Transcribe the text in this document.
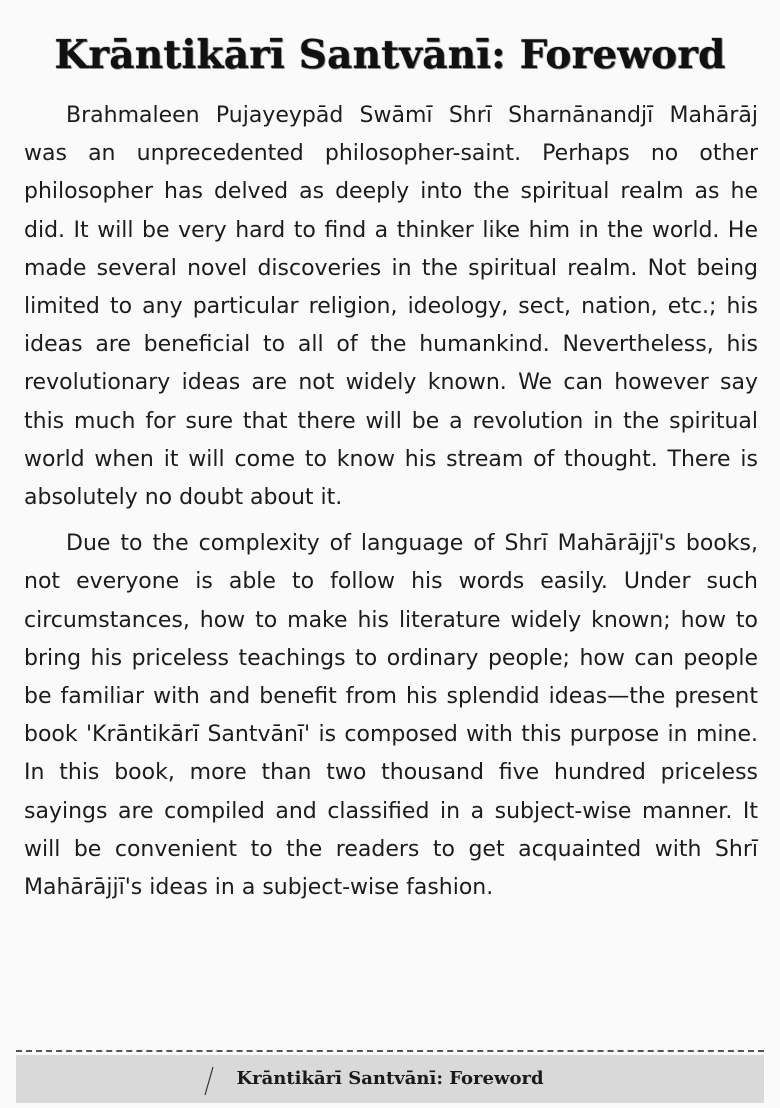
Krāntikārī Santvānī: Foreword

Brahmaleen Pujayeypād Swāmī Shrī Sharnānandjī Mahārāj was an unprecedented philosopher-saint. Perhaps no other philosopher has delved as deeply into the spiritual realm as he did. It will be very hard to find a thinker like him in the world. He made several novel discoveries in the spiritual realm. Not being limited to any particular religion, ideology, sect, nation, etc.; his ideas are beneficial to all of the humankind. Nevertheless, his revolutionary ideas are not widely known. We can however say this much for sure that there will be a revolution in the spiritual world when it will come to know his stream of thought. There is absolutely no doubt about it.

Due to the complexity of language of Shrī Mahārājjī's books, not everyone is able to follow his words easily. Under such circumstances, how to make his literature widely known; how to bring his priceless teachings to ordinary people; how can people be familiar with and benefit from his splendid ideas—the present book 'Krāntikārī Santvānī' is composed with this purpose in mine. In this book, more than two thousand five hundred priceless sayings are compiled and classified in a subject-wise manner. It will be convenient to the readers to get acquainted with Shrī Mahārājjī's ideas in a subject-wise fashion.

Krāntikārī Santvānī: Foreword
